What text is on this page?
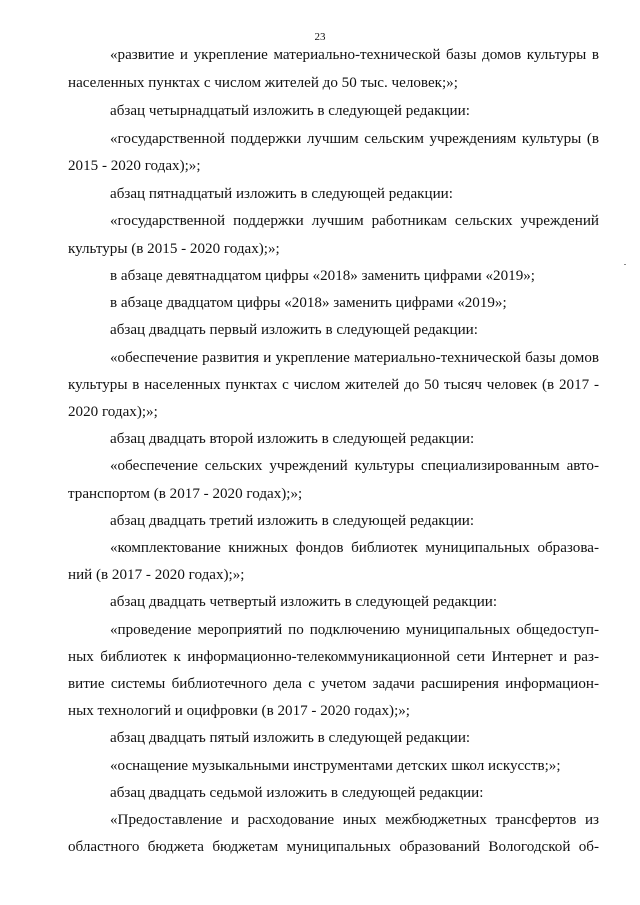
23
«развитие и укрепление материально-технической базы домов культуры в
населенных пунктах с числом жителей до 50 тыс. человек;»;
абзац четырнадцатый изложить в следующей редакции:
«государственной поддержки лучшим сельским учреждениям культуры (в
2015 - 2020 годах);»;
абзац пятнадцатый изложить в следующей редакции:
«государственной поддержки лучшим работникам сельских учреждений
культуры (в 2015 - 2020 годах);»;
в абзаце девятнадцатом цифры «2018» заменить цифрами «2019»;
в абзаце двадцатом цифры «2018» заменить цифрами «2019»;
абзац двадцать первый изложить в следующей редакции:
«обеспечение развития и укрепление материально-технической базы домов
культуры в населенных пунктах с числом жителей до 50 тысяч человек (в 2017 -
2020 годах);»;
абзац двадцать второй изложить в следующей редакции:
«обеспечение сельских учреждений культуры специализированным авто-
транспортом (в 2017 - 2020 годах);»;
абзац двадцать третий изложить в следующей редакции:
«комплектование книжных фондов библиотек муниципальных образова-
ний (в 2017 - 2020 годах);»;
абзац двадцать четвертый изложить в следующей редакции:
«проведение мероприятий по подключению муниципальных общедоступ-
ных библиотек к информационно-телекоммуникационной сети Интернет и раз-
витие системы библиотечного дела с учетом задачи расширения информацион-
ных технологий и оцифровки (в 2017 - 2020 годах);»;
абзац двадцать пятый изложить в следующей редакции:
«оснащение музыкальными инструментами детских школ искусств;»;
абзац двадцать седьмой изложить в следующей редакции:
«Предоставление и расходование иных межбюджетных трансфертов из
областного бюджета бюджетам муниципальных образований Вологодской об-
